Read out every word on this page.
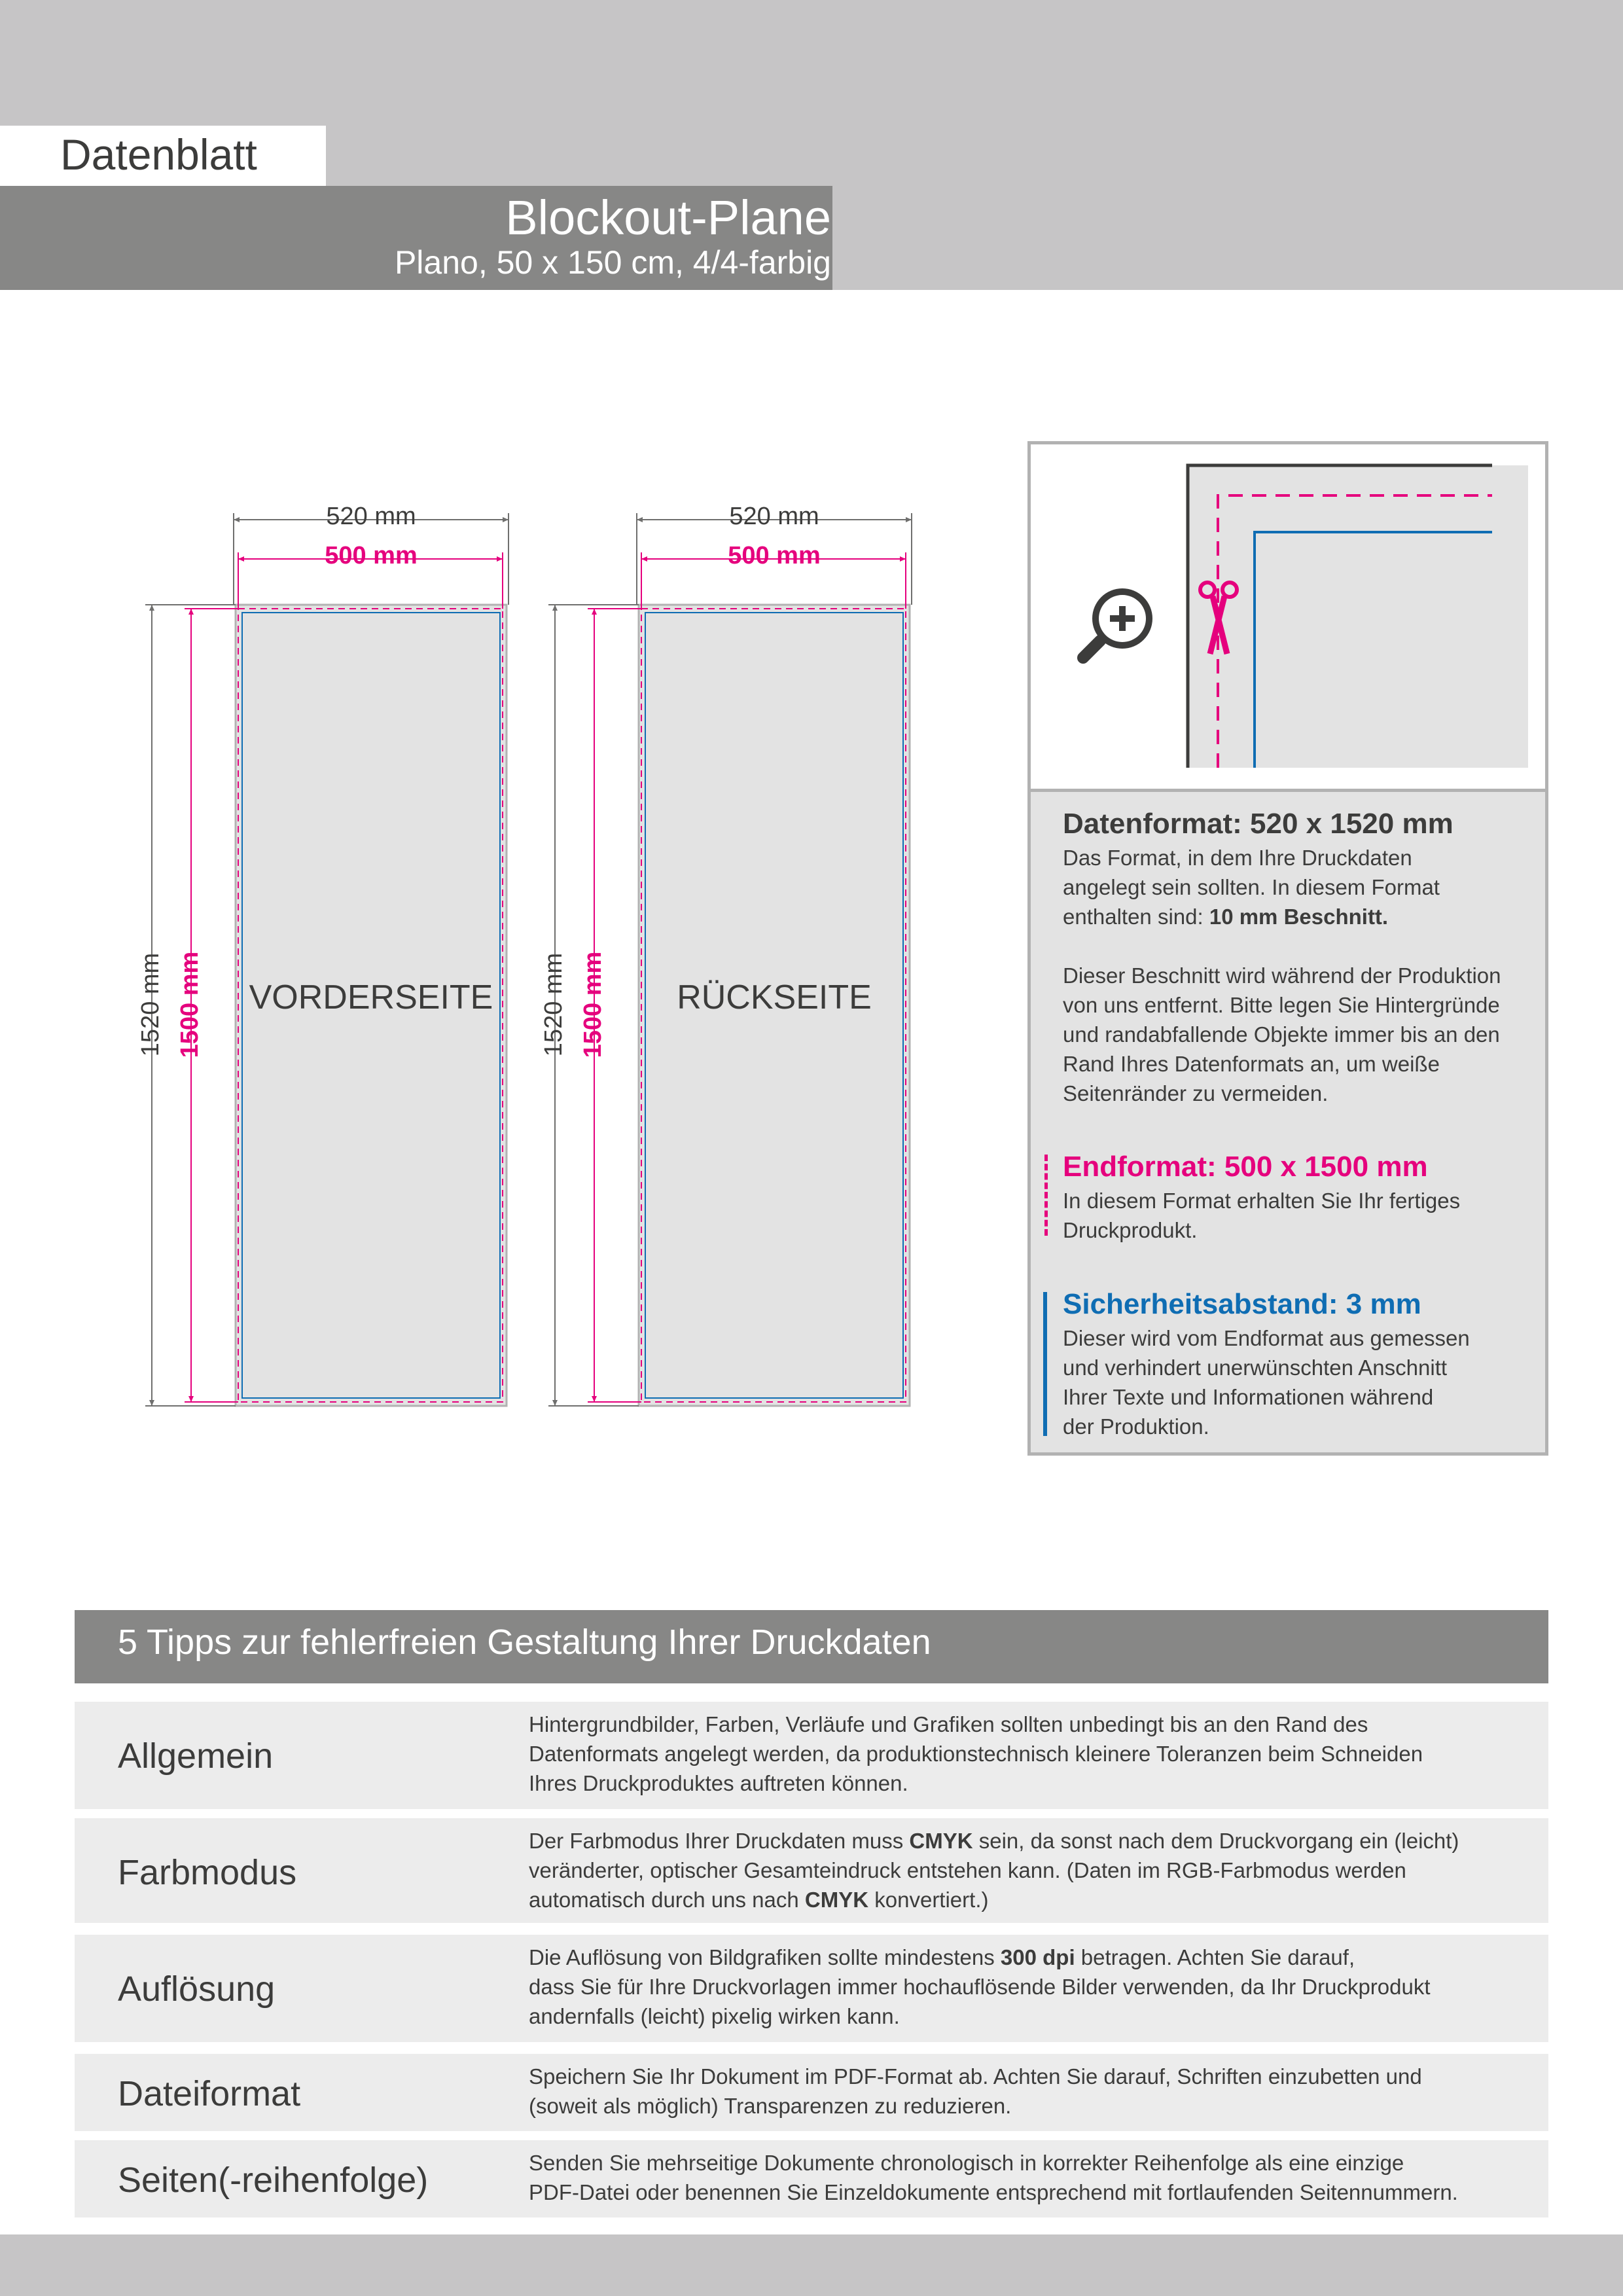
Datenblatt
Blockout-Plane
Plano, 50 x 150 cm, 4/4-farbig
520 mm
500 mm
1520 mm 1500 mm VORDERSEITE
520 mm
500 mm
1520 mm 1500 mm	RÜCKSEITE
Datenformat: 520 x 1520 mm
Das Format, in dem Ihre Druckdaten
angelegt sein sollten. In diesem Format
enthalten sind: 10 mm Beschnitt.

Dieser Beschnitt wird während der Produktion
von uns entfernt. Bitte legen Sie Hintergründe
und randabfallende Objekte immer bis an den
Rand Ihres Datenformats an, um weiße
Seitenränder zu vermeiden.
Endformat: 500 x 1500 mm
In diesem Format erhalten Sie Ihr fertiges
Druckprodukt.
Sicherheitsabstand: 3 mm
Dieser wird vom Endformat aus gemessen
und verhindert unerwünschten Anschnitt
Ihrer Texte und Informationen während
der Produktion.
5 Tipps zur fehlerfreien Gestaltung Ihrer Druckdaten
Allgemein
Hintergrundbilder, Farben, Verläufe und Grafiken sollten unbedingt bis an den Rand des
Datenformats angelegt werden, da produktionstechnisch kleinere Toleranzen beim Schneiden
Ihres Druckproduktes auftreten können.
Farbmodus
Der Farbmodus Ihrer Druckdaten muss CMYK sein, da sonst nach dem Druckvorgang ein (leicht)
veränderter, optischer Gesamteindruck entstehen kann. (Daten im RGB-Farbmodus werden
automatisch durch uns nach CMYK konvertiert.)
Auflösung
Die Auflösung von Bildgrafiken sollte mindestens 300 dpi betragen. Achten Sie darauf,
dass Sie für Ihre Druckvorlagen immer hochauflösende Bilder verwenden, da Ihr Druckprodukt
andernfalls (leicht) pixelig wirken kann.
Dateiformat	Speichern Sie Ihr Dokument im PDF-Format ab. Achten Sie darauf, Schriften einzubetten und
(soweit als möglich) Transparenzen zu reduzieren.
Seiten(-reihenfolge)	Senden Sie mehrseitige Dokumente chronologisch in korrekter Reihenfolge als eine einzige
PDF-Datei oder benennen Sie Einzeldokumente entsprechend mit fortlaufenden Seitennummern.
